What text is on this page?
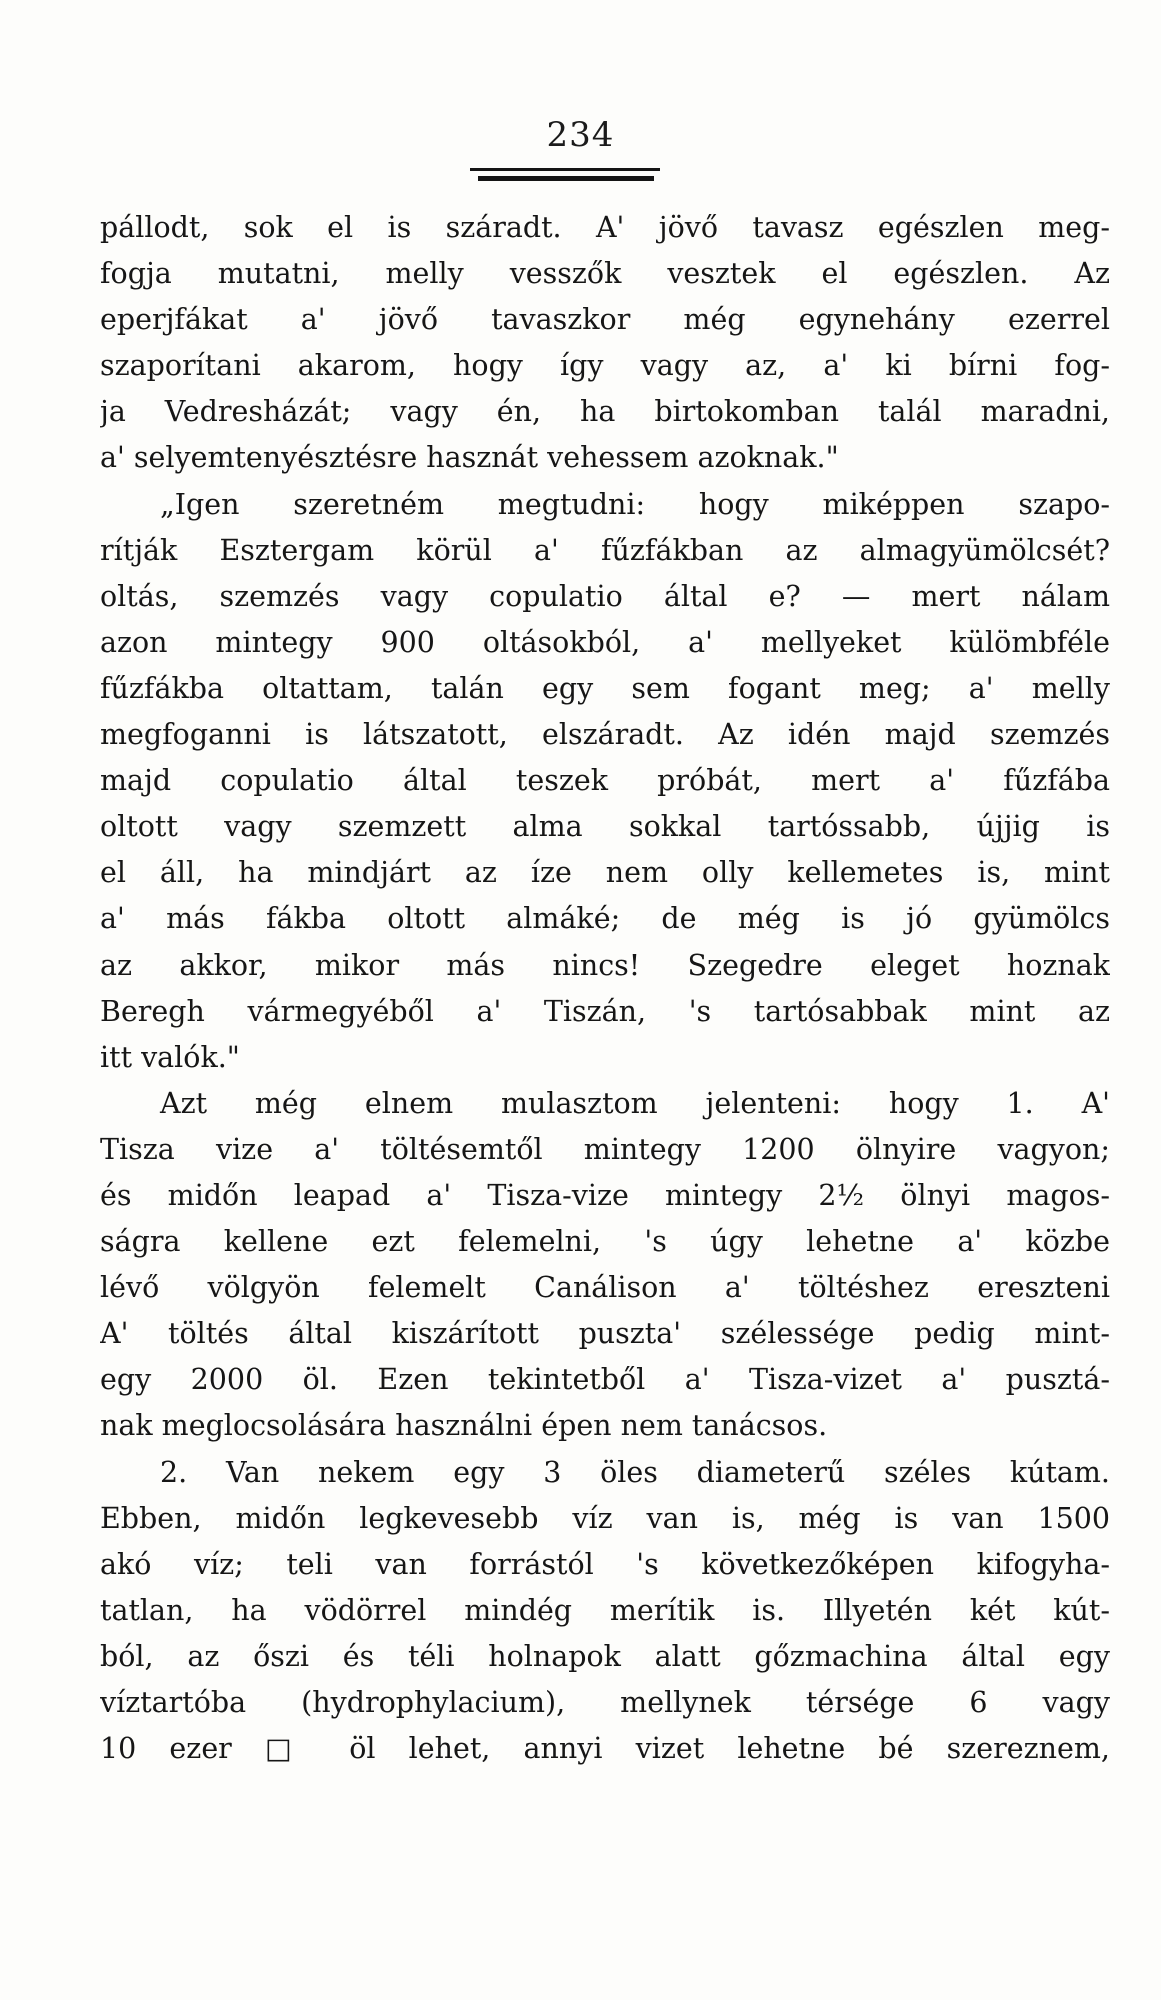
234
pállodt, sok el is száradt. A' jövő tavasz egészlen meg-
fogja mutatni, melly vesszők vesztek el egészlen. Az
eperjfákat a' jövő tavaszkor még egynehány ezerrel
szaporítani akarom, hogy így vagy az, a' ki bírni fog-
ja Vedresházát; vagy én, ha birtokomban talál maradni,
a' selyemtenyésztésre hasznát vehessem azoknak."
„Igen szeretném megtudni: hogy miképpen szapo-
rítják Esztergam körül a' fűzfákban az almagyümölcsét?
oltás, szemzés vagy copulatio által e? — mert nálam
azon mintegy 900 oltásokból, a' mellyeket külömbféle
fűzfákba oltattam, talán egy sem fogant meg; a' melly
megfoganni is látszatott, elszáradt. Az idén majd szemzés
majd copulatio által teszek próbát, mert a' fűzfába
oltott vagy szemzett alma sokkal tartóssabb, újjig is
el áll, ha mindjárt az íze nem olly kellemetes is, mint
a' más fákba oltott almáké; de még is jó gyümölcs
az akkor, mikor más nincs! Szegedre eleget hoznak
Beregh vármegyéből a' Tiszán, 's tartósabbak mint az
itt valók."
Azt még elnem mulasztom jelenteni: hogy 1. A'
Tisza vize a' töltésemtől mintegy 1200 ölnyire vagyon;
és midőn leapad a' Tisza-vize mintegy 2½ ölnyi magos-
ságra kellene ezt felemelni, 's úgy lehetne a' közbe
lévő völgyön felemelt Canálison a' töltéshez ereszteni
A' töltés által kiszárított puszta' szélessége pedig mint-
egy 2000 öl. Ezen tekintetből a' Tisza-vizet a' pusztá-
nak meglocsolására használni épen nem tanácsos.
2. Van nekem egy 3 öles diameterű széles kútam.
Ebben, midőn legkevesebb víz van is, még is van 1500
akó víz; teli van forrástól 's következőképen kifogyha-
tatlan, ha vödörrel mindég merítik is. Illyetén két kút-
ból, az őszi és téli holnapok alatt gőzmachina által egy
víztartóba (hydrophylacium), mellynek térsége 6 vagy
10 ezer □ öl lehet, annyi vizet lehetne bé szereznem,
